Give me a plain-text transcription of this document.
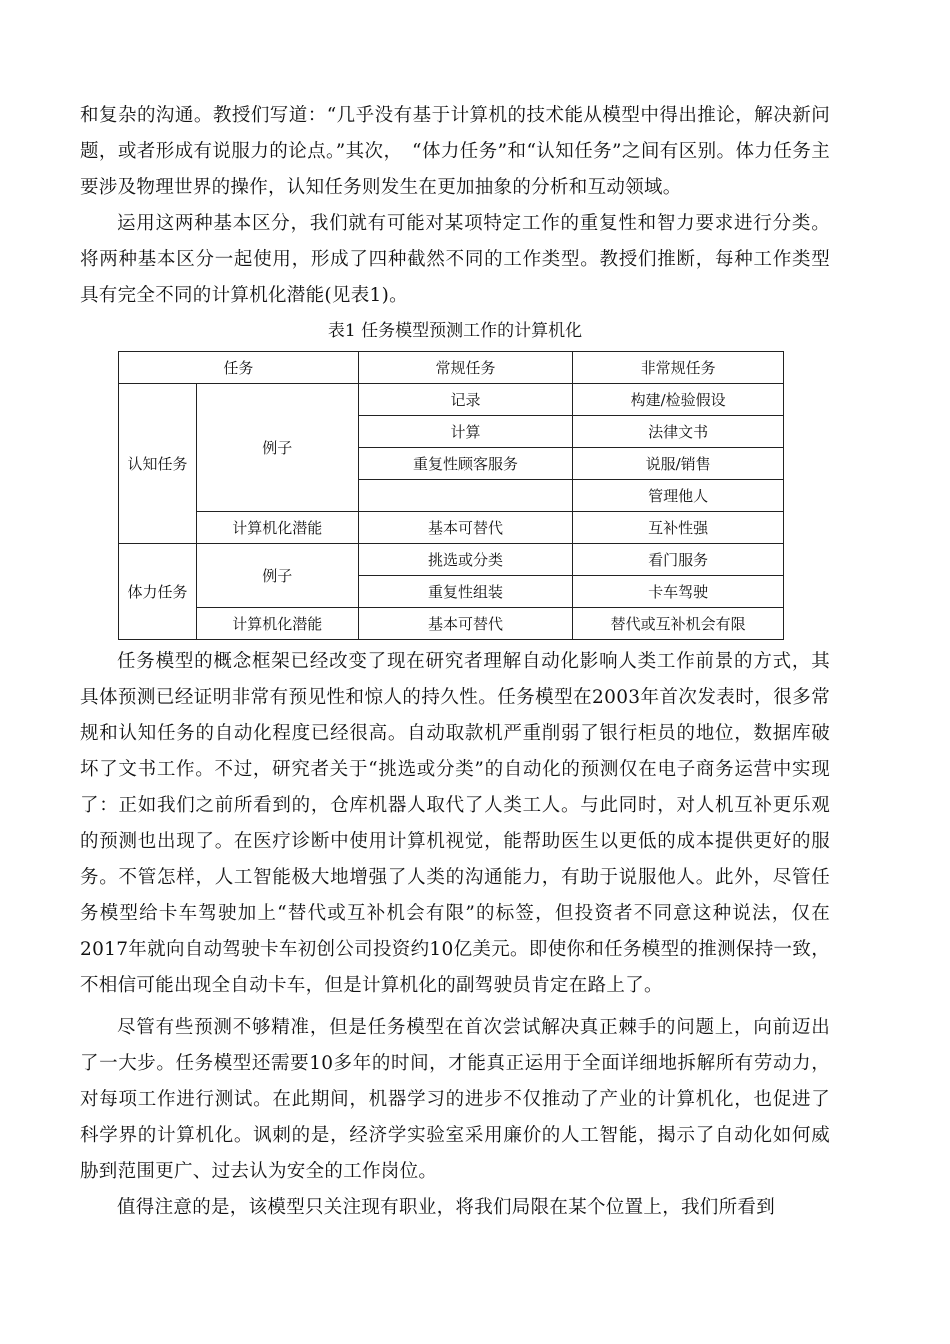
和复杂的沟通。教授们写道：“几乎没有基于计算机的技术能从模型中得出推论，解决新问题，或者形成有说服力的论点。”其次，　“体力任务”和“认知任务”之间有区别。体力任务主要涉及物理世界的操作，认知任务则发生在更加抽象的分析和互动领域。

运用这两种基本区分，我们就有可能对某项特定工作的重复性和智力要求进行分类。将两种基本区分一起使用，形成了四种截然不同的工作类型。教授们推断，每种工作类型具有完全不同的计算机化潜能(见表1)。

表1 任务模型预测工作的计算机化
任务		常规任务	非常规任务
认知任务	例子	记录	构建/检验假设
		计算	法律文书
		重复性顾客服务	说服/销售
			管理他人
	计算机化潜能	基本可替代	互补性强
体力任务	例子	挑选或分类	看门服务
		重复性组装	卡车驾驶
	计算机化潜能	基本可替代	替代或互补机会有限

任务模型的概念框架已经改变了现在研究者理解自动化影响人类工作前景的方式，其具体预测已经证明非常有预见性和惊人的持久性。任务模型在2003年首次发表时，很多常规和认知任务的自动化程度已经很高。自动取款机严重削弱了银行柜员的地位，数据库破坏了文书工作。不过，研究者关于“挑选或分类”的自动化的预测仅在电子商务运营中实现了：正如我们之前所看到的，仓库机器人取代了人类工人。与此同时，对人机互补更乐观的预测也出现了。在医疗诊断中使用计算机视觉，能帮助医生以更低的成本提供更好的服务。不管怎样，人工智能极大地增强了人类的沟通能力，有助于说服他人。此外，尽管任务模型给卡车驾驶加上“替代或互补机会有限”的标签，但投资者不同意这种说法，仅在2017年就向自动驾驶卡车初创公司投资约10亿美元。即使你和任务模型的推测保持一致，不相信可能出现全自动卡车，但是计算机化的副驾驶员肯定在路上了。

尽管有些预测不够精准，但是任务模型在首次尝试解决真正棘手的问题上，向前迈出了一大步。任务模型还需要10多年的时间，才能真正运用于全面详细地拆解所有劳动力，对每项工作进行测试。在此期间，机器学习的进步不仅推动了产业的计算机化，也促进了科学界的计算机化。讽刺的是，经济学实验室采用廉价的人工智能，揭示了自动化如何威胁到范围更广、过去认为安全的工作岗位。

值得注意的是，该模型只关注现有职业，将我们局限在某个位置上，我们所看到
